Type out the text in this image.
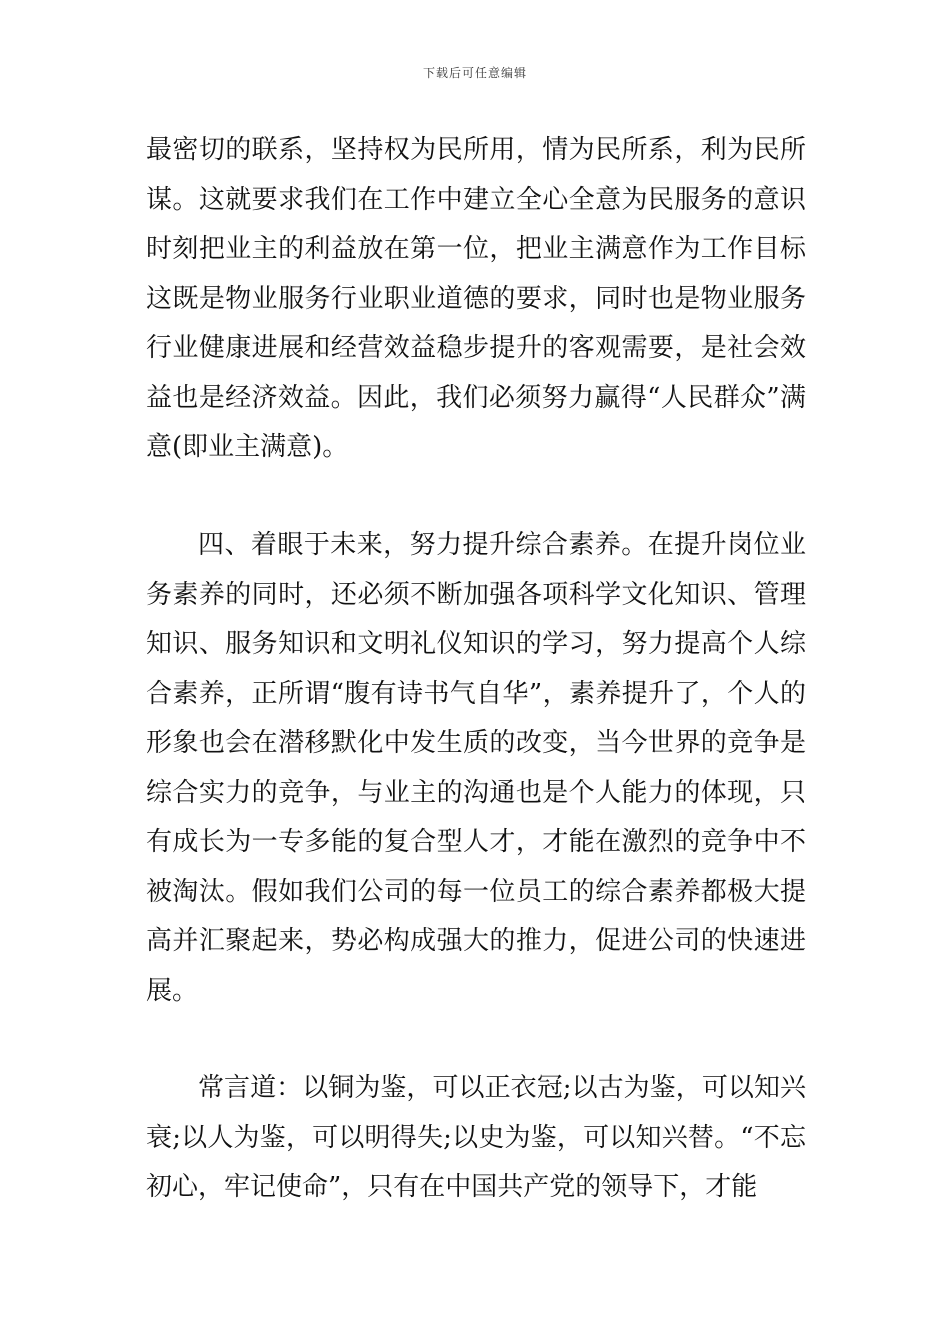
下载后可任意编辑

最密切的联系，坚持权为民所用，情为民所系，利为民所谋。这就要求我们在工作中建立全心全意为民服务的意识时刻把业主的利益放在第一位，把业主满意作为工作目标这既是物业服务行业职业道德的要求，同时也是物业服务行业健康进展和经营效益稳步提升的客观需要，是社会效益也是经济效益。因此，我们必须努力赢得“人民群众”满意(即业主满意)。

四、着眼于未来，努力提升综合素养。在提升岗位业务素养的同时，还必须不断加强各项科学文化知识、管理知识、服务知识和文明礼仪知识的学习，努力提高个人综合素养，正所谓“腹有诗书气自华”，素养提升了，个人的形象也会在潜移默化中发生质的改变，当今世界的竞争是综合实力的竞争，与业主的沟通也是个人能力的体现，只有成长为一专多能的复合型人才，才能在激烈的竞争中不被淘汰。假如我们公司的每一位员工的综合素养都极大提高并汇聚起来，势必构成强大的推力，促进公司的快速进展。

常言道：以铜为鉴，可以正衣冠;以古为鉴，可以知兴衰;以人为鉴，可以明得失;以史为鉴，可以知兴替。“不忘初心，牢记使命”，只有在中国共产党的领导下，才能
